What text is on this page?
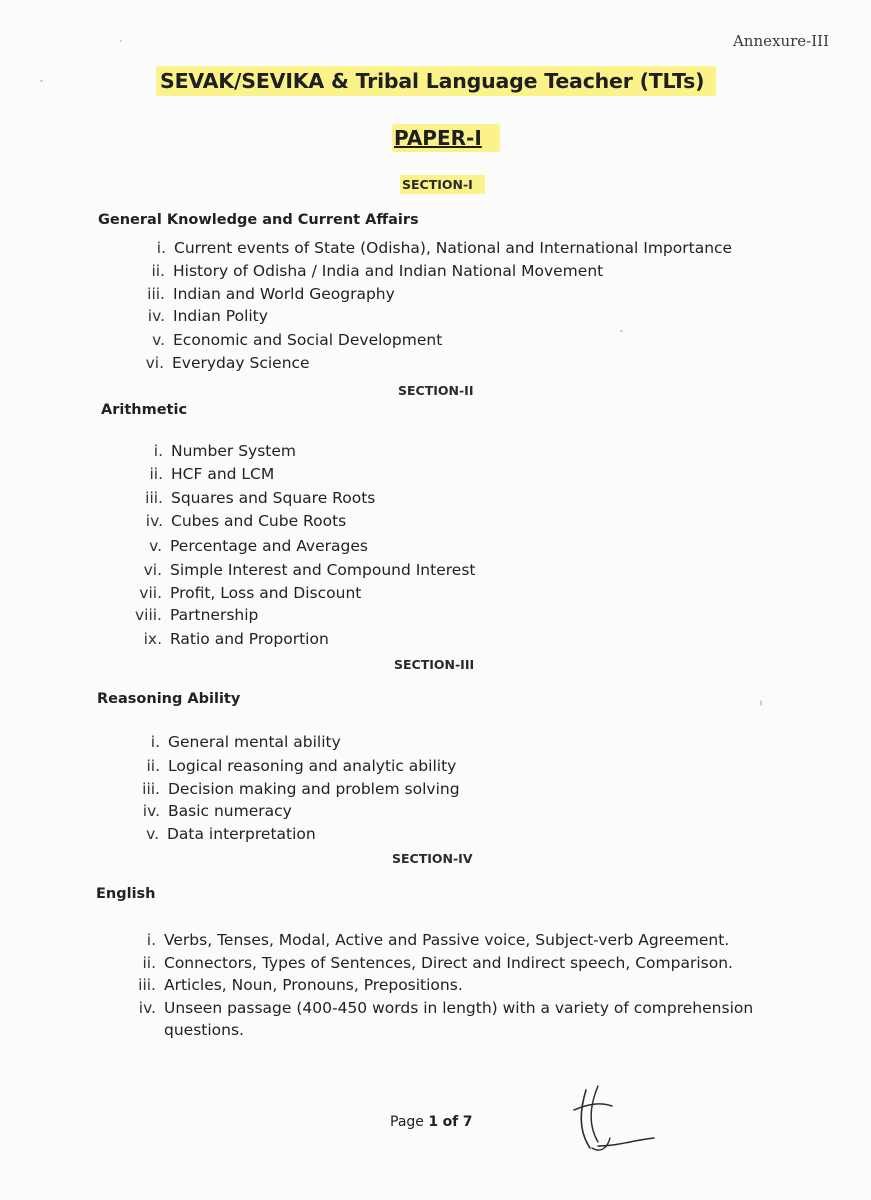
Annexure-III
SEVAK/SEVIKA & Tribal Language Teacher (TLTs)
PAPER-I
SECTION-I
General Knowledge and Current Affairs
i. Current events of State (Odisha), National and International Importance
ii. History of Odisha / India and Indian National Movement
iii. Indian and World Geography
iv. Indian Polity
v. Economic and Social Development
vi. Everyday Science
SECTION-II
Arithmetic
i. Number System
ii. HCF and LCM
iii. Squares and Square Roots
iv. Cubes and Cube Roots
v. Percentage and Averages
vi. Simple Interest and Compound Interest
vii. Profit, Loss and Discount
viii. Partnership
ix. Ratio and Proportion
SECTION-III
Reasoning Ability
i. General mental ability
ii. Logical reasoning and analytic ability
iii. Decision making and problem solving
iv. Basic numeracy
v. Data interpretation
SECTION-IV
English
i. Verbs, Tenses, Modal, Active and Passive voice, Subject-verb Agreement.
ii. Connectors, Types of Sentences, Direct and Indirect speech, Comparison.
iii. Articles, Noun, Pronouns, Prepositions.
iv. Unseen passage (400-450 words in length) with a variety of comprehension
questions.
Page 1 of 7
